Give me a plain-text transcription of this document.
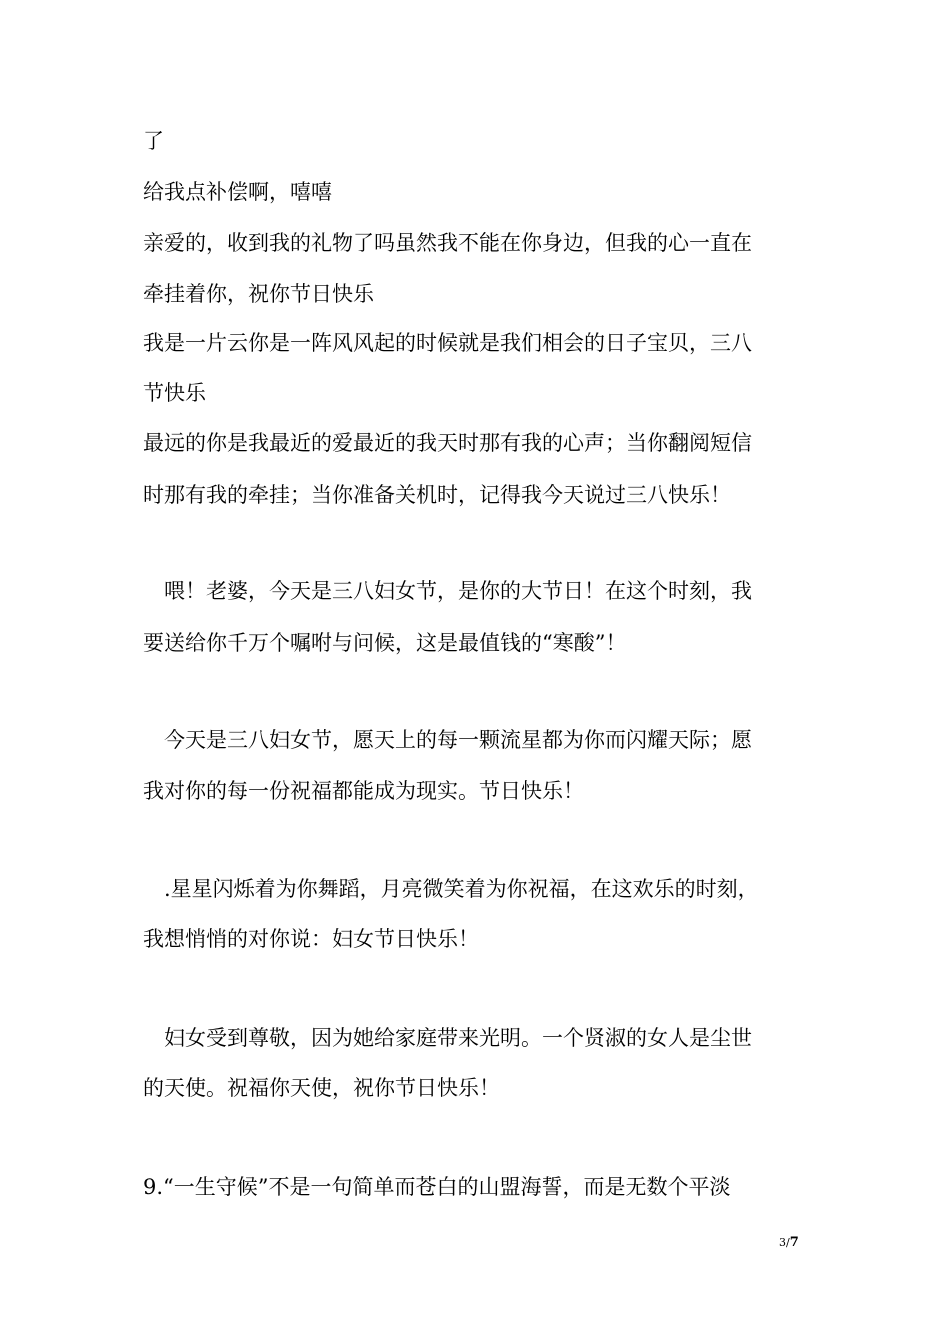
了
给我点补偿啊，嘻嘻
亲爱的，收到我的礼物了吗虽然我不能在你身边，但我的心一直在
牵挂着你，祝你节日快乐
我是一片云你是一阵风风起的时候就是我们相会的日子宝贝，三八
节快乐
最远的你是我最近的爱最近的我天时那有我的心声；当你翻阅短信
时那有我的牵挂；当你准备关机时，记得我今天说过三八快乐！
　喂！老婆，今天是三八妇女节，是你的大节日！在这个时刻，我
要送给你千万个嘱咐与问候，这是最值钱的“寒酸”！
　今天是三八妇女节，愿天上的每一颗流星都为你而闪耀天际；愿
我对你的每一份祝福都能成为现实。节日快乐！
　.星星闪烁着为你舞蹈，月亮微笑着为你祝福，在这欢乐的时刻，
我想悄悄的对你说：妇女节日快乐！
　妇女受到尊敬，因为她给家庭带来光明。一个贤淑的女人是尘世
的天使。祝福你天使，祝你节日快乐！
9.“一生守候”不是一句简单而苍白的山盟海誓，而是无数个平淡
3/7
